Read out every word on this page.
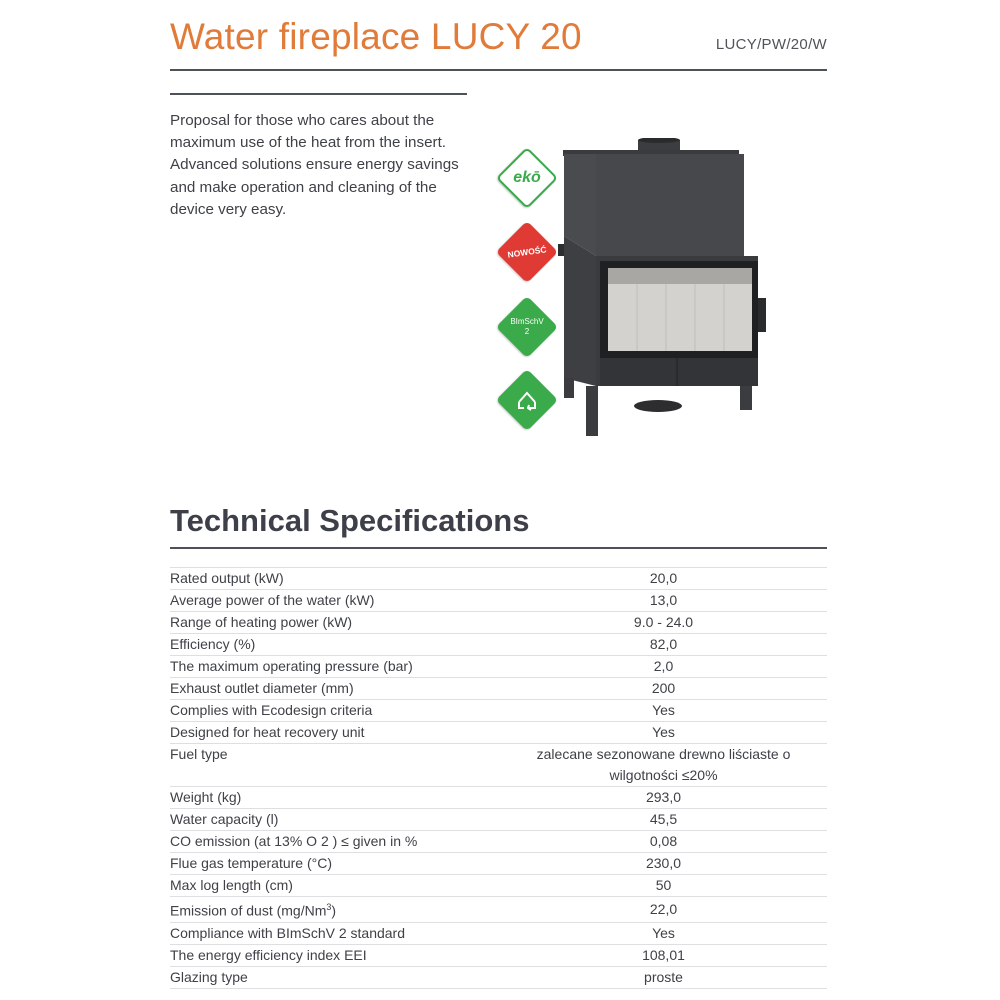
Water fireplace LUCY 20	LUCY/PW/20/W

Proposal for those who cares about the maximum use of the heat from the insert. Advanced solutions ensure energy savings and make operation and cleaning of the device very easy.

ekō
NOWOŚĆ
BImSchV
2
Technical Specifications
Rated output (kW)	20,0
Average power of the water (kW)	13,0
Range of heating power (kW)	9.0 - 24.0
Efficiency (%)	82,0
The maximum operating pressure (bar)	2,0
Exhaust outlet diameter (mm)	200
Complies with Ecodesign criteria	Yes
Designed for heat recovery unit	Yes
Fuel type	zalecane sezonowane drewno liściaste o
wilgotności ≤20%
Weight (kg)	293,0
Water capacity (l)	45,5
CO emission (at 13% O 2 ) ≤ given in %	0,08
Flue gas temperature (°C)	230,0
Max log length (cm)	50
Emission of dust (mg/Nm$^3$)	22,0
Compliance with BImSchV 2 standard	Yes
The energy efficiency index EEI	108,01
Glazing type	proste
